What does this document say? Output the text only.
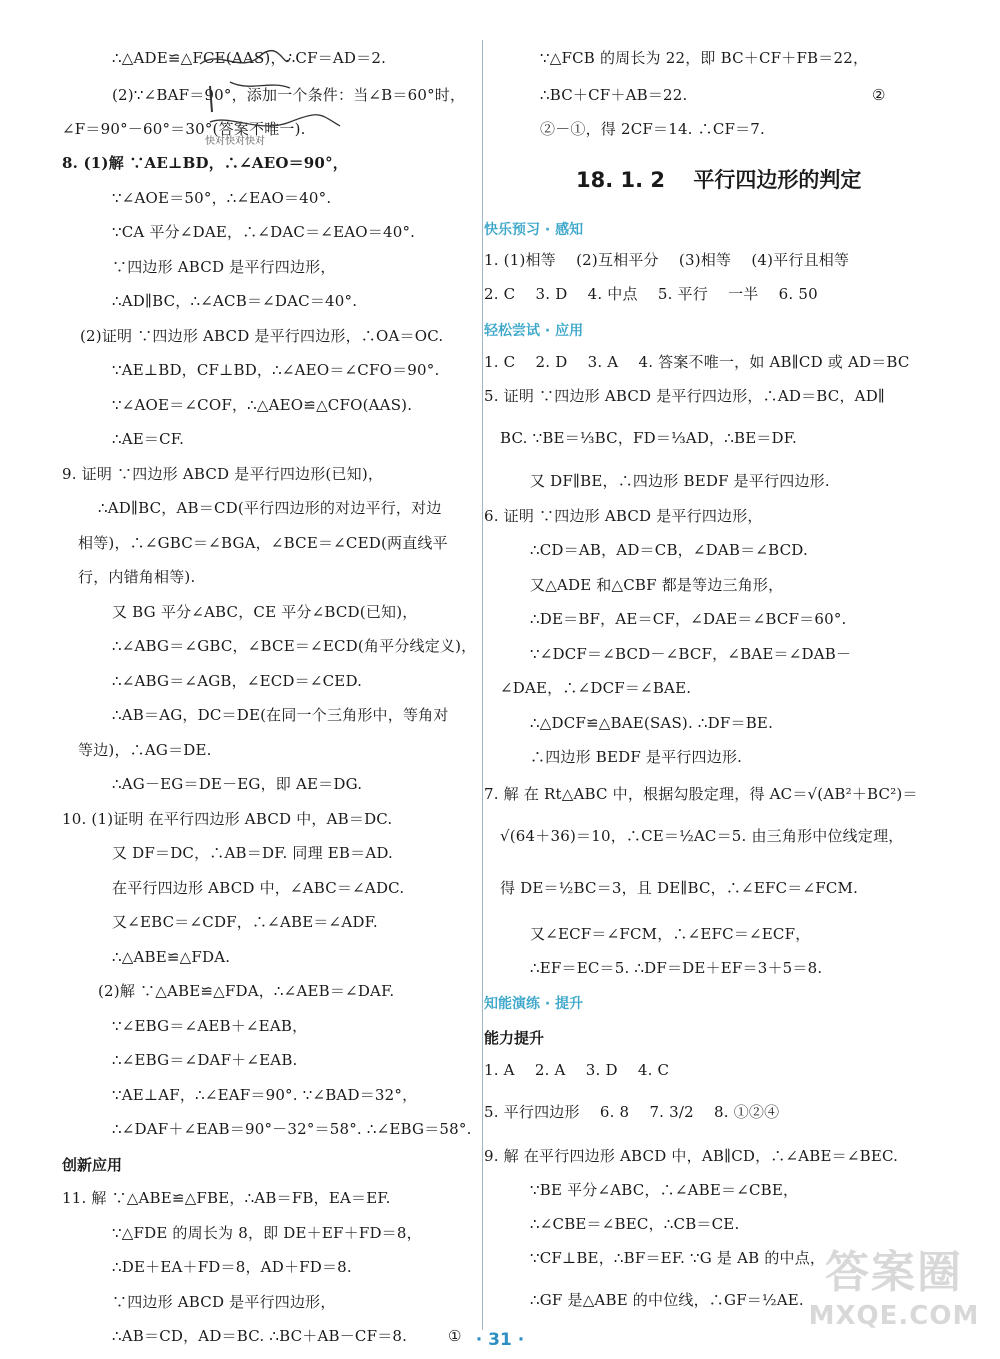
∴△ADE≌△FCE(AAS)，∴CF＝AD＝2.
(2)∵∠BAF＝90°，添加一个条件：当∠B＝60°时，
∠F＝90°－60°＝30°(答案不唯一).
8. (1)解 ∵AE⊥BD，∴∠AEO＝90°，
∵∠AOE＝50°，∴∠EAO＝40°.
∵CA 平分∠DAE，∴∠DAC＝∠EAO＝40°.
∵四边形 ABCD 是平行四边形，
∴AD∥BC，∴∠ACB＝∠DAC＝40°.
(2)证明 ∵四边形 ABCD 是平行四边形，∴OA＝OC.
∵AE⊥BD，CF⊥BD，∴∠AEO＝∠CFO＝90°.
∵∠AOE＝∠COF，∴△AEO≌△CFO(AAS).
∴AE＝CF.
9. 证明 ∵四边形 ABCD 是平行四边形(已知)，
∴AD∥BC，AB＝CD(平行四边形的对边平行，对边
相等)，∴∠GBC＝∠BGA，∠BCE＝∠CED(两直线平
行，内错角相等).
又 BG 平分∠ABC，CE 平分∠BCD(已知)，
∴∠ABG＝∠GBC，∠BCE＝∠ECD(角平分线定义)，
∴∠ABG＝∠AGB，∠ECD＝∠CED.
∴AB＝AG，DC＝DE(在同一个三角形中，等角对
等边)，∴AG＝DE.
∴AG－EG＝DE－EG，即 AE＝DG.
10. (1)证明 在平行四边形 ABCD 中，AB＝DC.
又 DF＝DC，∴AB＝DF. 同理 EB＝AD.
在平行四边形 ABCD 中，∠ABC＝∠ADC.
又∠EBC＝∠CDF，∴∠ABE＝∠ADF.
∴△ABE≌△FDA.
(2)解 ∵△ABE≌△FDA，∴∠AEB＝∠DAF.
∵∠EBG＝∠AEB＋∠EAB，
∴∠EBG＝∠DAF＋∠EAB.
∵AE⊥AF，∴∠EAF＝90°. ∵∠BAD＝32°，
∴∠DAF＋∠EAB＝90°－32°＝58°. ∴∠EBG＝58°.
11. 解 ∵△ABE≌△FBE，∴AB＝FB，EA＝EF.
∵△FDE 的周长为 8，即 DE＋EF＋FD＝8，
∴DE＋EA＋FD＝8，AD＋FD＝8.
∵四边形 ABCD 是平行四边形，
∴AB＝CD，AD＝BC. ∴BC＋AB－CF＝8.
∵△FCB 的周长为 22，即 BC＋CF＋FB＝22，
∴BC＋CF＋AB＝22.
②－①，得 2CF＝14. ∴CF＝7.
1. (1)相等 　(2)互相平分 　(3)相等 　(4)平行且相等
2. C 　3. D 　4. 中点 　5. 平行 　一半 　6. 50
1. C 　2. D 　3. A 　4. 答案不唯一，如 AB∥CD 或 AD＝BC
5. 证明 ∵四边形 ABCD 是平行四边形，∴AD＝BC，AD∥
BC. ∵BE＝⅓BC，FD＝⅓AD，∴BE＝DF.
又 DF∥BE，∴四边形 BEDF 是平行四边形.
6. 证明 ∵四边形 ABCD 是平行四边形，
∴CD＝AB，AD＝CB，∠DAB＝∠BCD.
又△ADE 和△CBF 都是等边三角形，
∴DE＝BF，AE＝CF，∠DAE＝∠BCF＝60°.
∵∠DCF＝∠BCD－∠BCF，∠BAE＝∠DAB－
∠DAE，∴∠DCF＝∠BAE.
∴△DCF≌△BAE(SAS). ∴DF＝BE.
∴四边形 BEDF 是平行四边形.
7. 解 在 Rt△ABC 中，根据勾股定理，得 AC＝√(AB²＋BC²)＝
√(64＋36)＝10，∴CE＝½AC＝5. 由三角形中位线定理，
得 DE＝½BC＝3，且 DE∥BC，∴∠EFC＝∠FCM.
又∠ECF＝∠FCM，∴∠EFC＝∠ECF，
∴EF＝EC＝5. ∴DF＝DE＋EF＝3＋5＝8.
1. A 　2. A 　3. D 　4. C
5. 平行四边形 　6. 8 　7. 3/2 　8. ①②④
9. 解 在平行四边形 ABCD 中，AB∥CD，∴∠ABE＝∠BEC.
∵BE 平分∠ABC，∴∠ABE＝∠CBE，
∴∠CBE＝∠BEC，∴CB＝CE.
∵CF⊥BE，∴BF＝EF. ∵G 是 AB 的中点，
∴GF 是△ABE 的中位线，∴GF＝½AE.
创新应用
①
快对快对快对
②
18. 1. 2 　平行四边形的判定
快乐预习 · 感知
轻松尝试 · 应用
知能演练 · 提升
能力提升
· 31 ·
答案圈
MXQE.COM
